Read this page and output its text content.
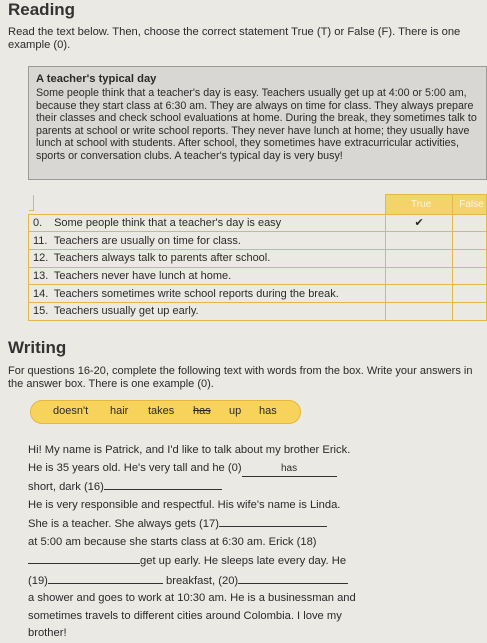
Reading
Read the text below. Then, choose the correct statement True (T) or False (F). There is one example (0).
A teacher's typical day
Some people think that a teacher's day is easy. Teachers usually get up at 4:00 or 5:00 am, because they start class at 6:30 am. They are always on time for class. They always prepare their classes and check school evaluations at home. During the break, they sometimes talk to parents at school or write school reports. They never have lunch at home; they usually have lunch at school with students. After school, they sometimes have extracurricular activities, sports or conversation clubs. A teacher's typical day is very busy!
True	False
0. Some people think that a teacher's day is easy	✔	
11. Teachers are usually on time for class.		
12. Teachers always talk to parents after school.		
13. Teachers never have lunch at home.		
14. Teachers sometimes write school reports during the break.		
15. Teachers usually get up early.		
Writing
For questions 16-20, complete the following text with words from the box. Write your answers in the answer box. There is one example (0).
doesn't hair takes has up has
Hi! My name is Patrick, and I'd like to talk about my brother Erick.
He is 35 years old. He's very tall and he (0)	has
short, dark (16)
He is very responsible and respectful. His wife's name is Linda.
She is a teacher. She always gets (17)
at 5:00 am because she starts class at 6:30 am. Erick (18)
get up early. He sleeps late every day. He
(19)	breakfast, (20)
a shower and goes to work at 10:30 am. He is a businessman and
sometimes travels to different cities around Colombia. I love my
brother!
